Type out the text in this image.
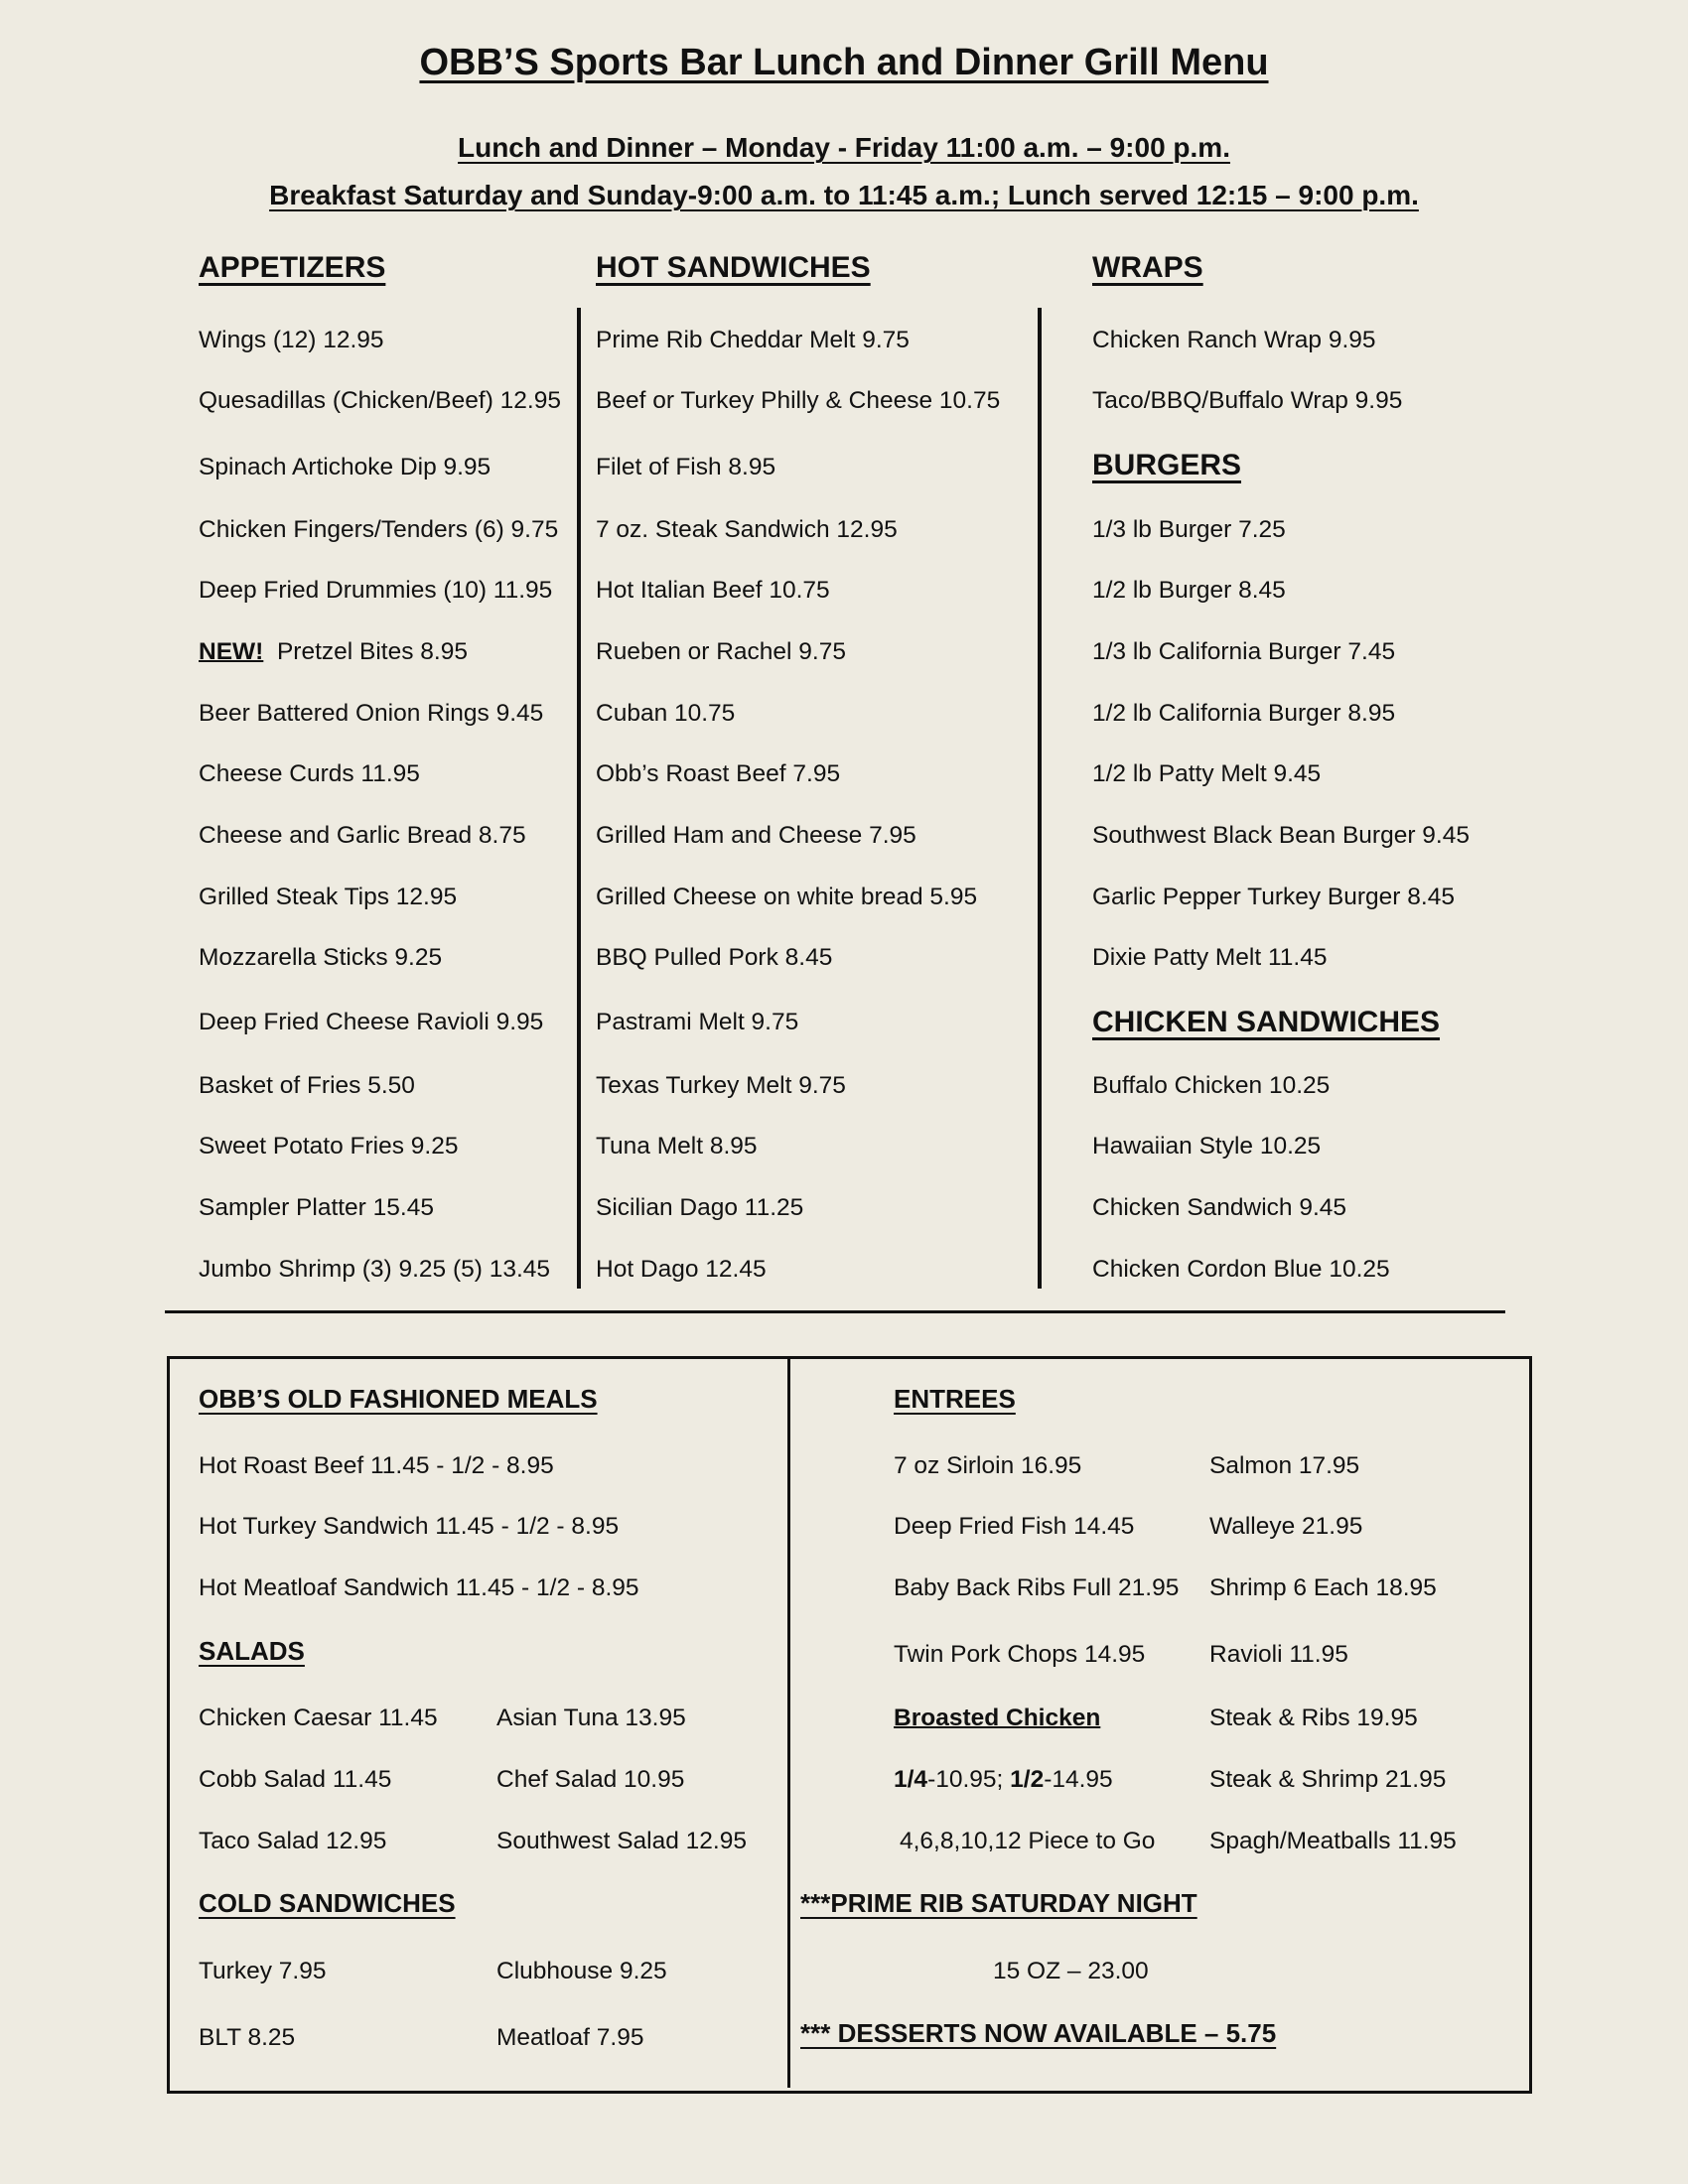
OBB’S Sports Bar Lunch and Dinner Grill Menu
Lunch and Dinner – Monday - Friday 11:00 a.m. – 9:00 p.m.
Breakfast Saturday and Sunday-9:00 a.m. to 11:45 a.m.; Lunch served 12:15 – 9:00 p.m.
APPETIZERS
Wings (12) 12.95
Quesadillas (Chicken/Beef) 12.95
Spinach Artichoke Dip 9.95
Chicken Fingers/Tenders (6) 9.75
Deep Fried Drummies (10) 11.95
NEW! Pretzel Bites 8.95
Beer Battered Onion Rings 9.45
Cheese Curds 11.95
Cheese and Garlic Bread 8.75
Grilled Steak Tips 12.95
Mozzarella Sticks 9.25
Deep Fried Cheese Ravioli 9.95
Basket of Fries 5.50
Sweet Potato Fries 9.25
Sampler Platter 15.45
Jumbo Shrimp (3) 9.25 (5) 13.45
HOT SANDWICHES
Prime Rib Cheddar Melt 9.75
Beef or Turkey Philly & Cheese 10.75
Filet of Fish 8.95
7 oz. Steak Sandwich 12.95
Hot Italian Beef 10.75
Rueben or Rachel 9.75
Cuban 10.75
Obb’s Roast Beef 7.95
Grilled Ham and Cheese 7.95
Grilled Cheese on white bread 5.95
BBQ Pulled Pork 8.45
Pastrami Melt 9.75
Texas Turkey Melt 9.75
Tuna Melt 8.95
Sicilian Dago 11.25
Hot Dago 12.45
WRAPS
Chicken Ranch Wrap 9.95
Taco/BBQ/Buffalo Wrap 9.95
BURGERS
1/3 lb Burger 7.25
1/2 lb Burger 8.45
1/3 lb California Burger 7.45
1/2 lb California Burger 8.95
1/2 lb Patty Melt 9.45
Southwest Black Bean Burger 9.45
Garlic Pepper Turkey Burger 8.45
Dixie Patty Melt 11.45
CHICKEN SANDWICHES
Buffalo Chicken 10.25
Hawaiian Style 10.25
Chicken Sandwich 9.45
Chicken Cordon Blue 10.25
OBB’S OLD FASHIONED MEALS
Hot Roast Beef 11.45 - 1/2 - 8.95
Hot Turkey Sandwich 11.45 - 1/2 - 8.95
Hot Meatloaf Sandwich 11.45 - 1/2 - 8.95
SALADS
Chicken Caesar 11.45
Cobb Salad 11.45
Taco Salad 12.95
Asian Tuna 13.95
Chef Salad 10.95
Southwest Salad 12.95
COLD SANDWICHES
Turkey 7.95
BLT 8.25
Clubhouse 9.25
Meatloaf 7.95
ENTREES
7 oz Sirloin 16.95
Deep Fried Fish 14.45
Baby Back Ribs Full 21.95
Twin Pork Chops 14.95
Broasted Chicken
1/4-10.95; 1/2-14.95
4,6,8,10,12 Piece to Go
Salmon 17.95
Walleye 21.95
Shrimp 6 Each 18.95
Ravioli 11.95
Steak & Ribs 19.95
Steak & Shrimp 21.95
Spagh/Meatballs 11.95
***PRIME RIB SATURDAY NIGHT
15 OZ – 23.00
*** DESSERTS NOW AVAILABLE – 5.75
